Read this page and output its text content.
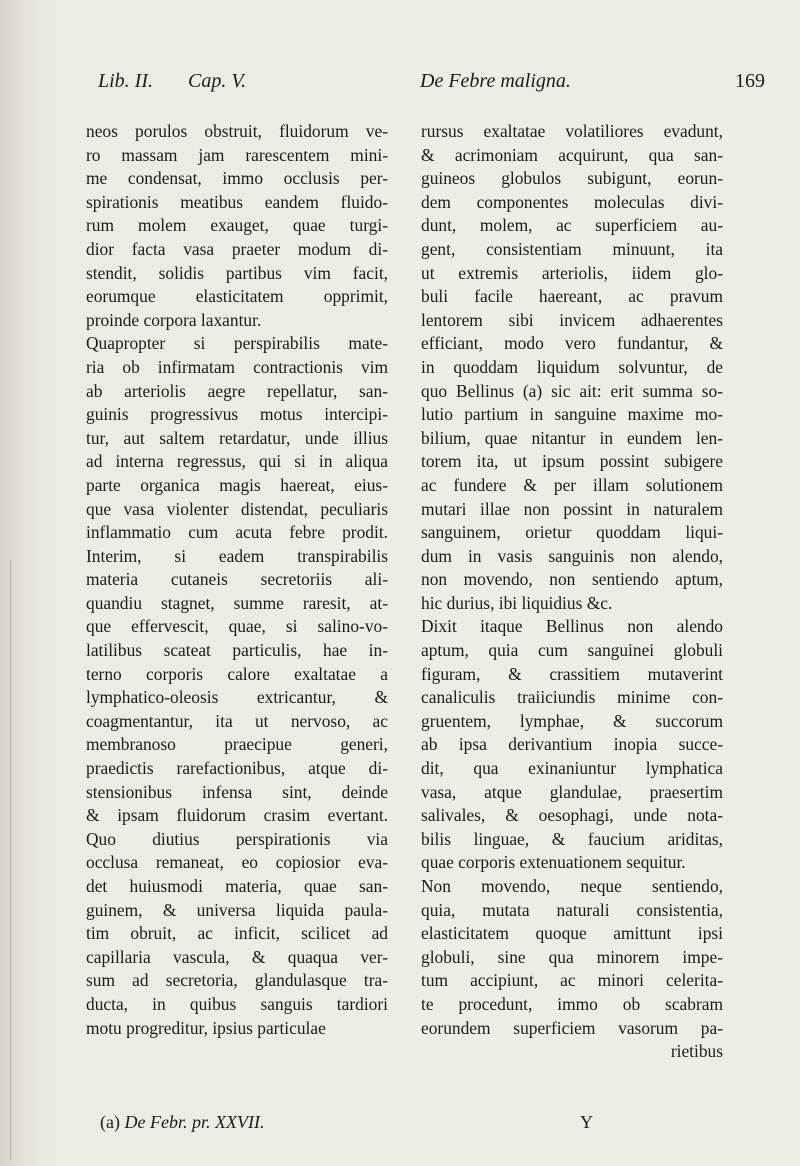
Lib. II. Cap. V.	De Febre maligna.	169
neos porulos obstruit, fluidorum ve-
ro massam jam rarescentem mini-
me condensat, immo occlusis per-
spirationis meatibus eandem fluido-
rum molem exauget, quae turgi-
dior facta vasa praeter modum di-
stendit, solidis partibus vim facit,
eorumque elasticitatem opprimit,
proinde corpora laxantur.
Quapropter si perspirabilis mate-
ria ob infirmatam contractionis vim
ab arteriolis aegre repellatur, san-
guinis progressivus motus intercipi-
tur, aut saltem retardatur, unde illius
ad interna regressus, qui si in aliqua
parte organica magis haereat, eius-
que vasa violenter distendat, peculiaris
inflammatio cum acuta febre prodit.
Interim, si eadem transpirabilis
materia cutaneis secretoriis ali-
quandiu stagnet, summe raresit, at-
que effervescit, quae, si salino-vo-
latilibus scateat particulis, hae in-
terno corporis calore exaltatae a
lymphatico-oleosis extricantur, &
coagmentantur, ita ut nervoso, ac
membranoso praecipue generi,
praedictis rarefactionibus, atque di-
stensionibus infensa sint, deinde
& ipsam fluidorum crasim evertant.
Quo diutius perspirationis via
occlusa remaneat, eo copiosior eva-
det huiusmodi materia, quae san-
guinem, & universa liquida paula-
tim obruit, ac inficit, scilicet ad
capillaria vascula, & quaqua ver-
sum ad secretoria, glandulasque tra-
ducta, in quibus sanguis tardiori
motu progreditur, ipsius particulae
rursus exaltatae volatiliores evadunt,
& acrimoniam acquirunt, qua san-
guineos globulos subigunt, eorun-
dem componentes moleculas divi-
dunt, molem, ac superficiem au-
gent, consistentiam minuunt, ita
ut extremis arteriolis, iidem glo-
buli facile haereant, ac pravum
lentorem sibi invicem adhaerentes
efficiant, modo vero fundantur, &
in quoddam liquidum solvuntur, de
quo Bellinus (a) sic ait: erit summa so-
lutio partium in sanguine maxime mo-
bilium, quae nitantur in eundem len-
torem ita, ut ipsum possint subigere
ac fundere & per illam solutionem
mutari illae non possint in naturalem
sanguinem, orietur quoddam liqui-
dum in vasis sanguinis non alendo,
non movendo, non sentiendo aptum,
hic durius, ibi liquidius &c.
Dixit itaque Bellinus non alendo
aptum, quia cum sanguinei globuli
figuram, & crassitiem mutaverint
canaliculis traiiciundis minime con-
gruentem, lymphae, & succorum
ab ipsa derivantium inopia succe-
dit, qua exinaniuntur lymphatica
vasa, atque glandulae, praesertim
salivales, & oesophagi, unde nota-
bilis linguae, & faucium ariditas,
quae corporis extenuationem sequitur.
Non movendo, neque sentiendo,
quia, mutata naturali consistentia,
elasticitatem quoque amittunt ipsi
globuli, sine qua minorem impe-
tum accipiunt, ac minori celerita-
te procedunt, immo ob scabram
eorundem superficiem vasorum pa-
rietibus
(a) De Febr. pr. XXVII.	Y
